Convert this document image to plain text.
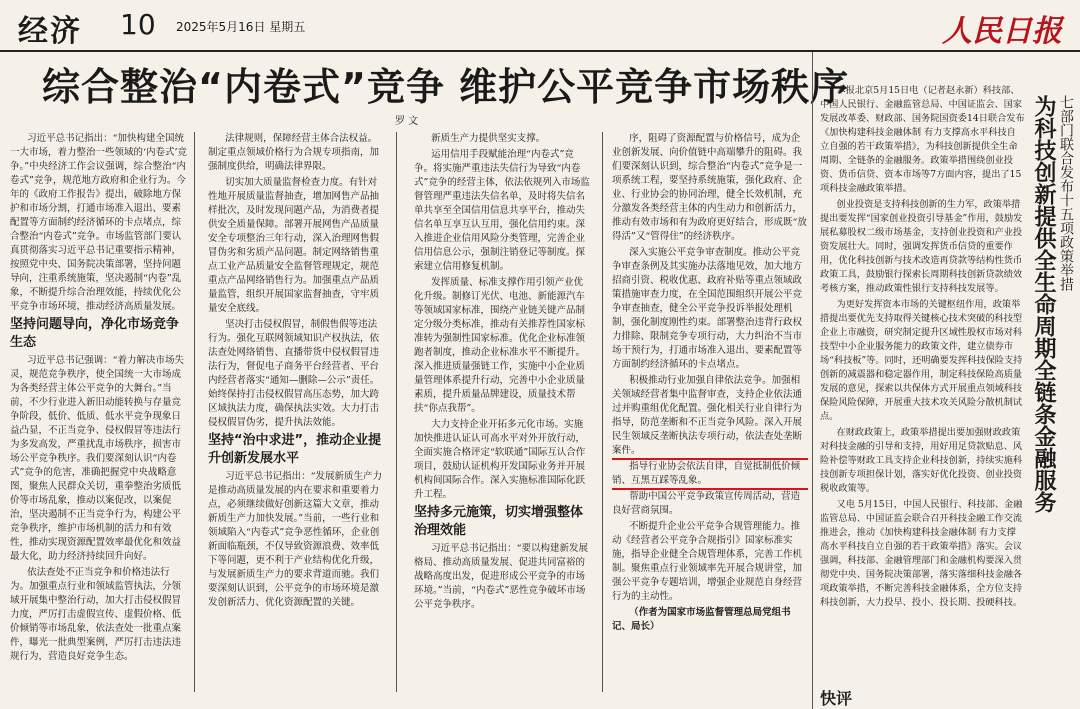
经济 10 2025年5月16日 星期五	人民日报
综合整治“内卷式”竞争 维护公平竞争市场秩序
罗 文

习近平总书记指出：“加快构建全国统一大市场，着力整治一些领域的‘内卷式’竞争。”中央经济工作会议强调，综合整治“内卷式”竞争，规范地方政府和企业行为。今年的《政府工作报告》提出，破除地方保护和市场分割，打通市场准入退出、要素配置等方面制约经济循环的卡点堵点，综合整治“内卷式”竞争。市场监管部门要认真贯彻落实习近平总书记重要指示精神，按照党中央、国务院决策部署，坚持问题导向，注重系统施策，坚决遏制“内卷”乱象，不断提升综合治理效能，持续优化公平竞争市场环境，推动经济高质量发展。

坚持问题导向，净化市场竞争生态

习近平总书记强调：“着力解决市场失灵，规范竞争秩序，使全国统一大市场成为各类经营主体公平竞争的大舞台。”当前，不少行业进入新旧动能转换与存量竞争阶段，低价、低质、低水平竞争现象日益凸显，不正当竞争、侵权假冒等违法行为多发高发，严重扰乱市场秩序，损害市场公平竞争秩序。我们要深刻认识“内卷式”竞争的危害，准确把握党中央战略意图，聚焦人民群众关切，重拳整治劣质低价等市场乱象，推动以案促改，以案促治，坚决遏制不正当竞争行为，构建公平竞争秩序，维护市场机制的活力和有效性，推动实现资源配置效率最优化和效益最大化，助力经济持续回升向好。

依法查处不正当竞争和价格违法行为。加强重点行业和领域监管执法，分领域开展集中整治行动，加大打击侵权假冒力度，严厉打击虚假宣传、虚假价格、低价倾销等市场乱象，依法查处一批重点案件，曝光一批典型案例，严厉打击违法违规行为，营造良好竞争生态。

法律规则，保障经营主体合法权益。制定重点领域价格行为合规专项指南，加强制度供给，明确法律界限。

切实加大质量监督检查力度。有针对性地开展质量监督抽查，增加网售产品抽样批次，及时发现问题产品，为消费者提供安全质量保障。部署开展网售产品质量安全专项整治三年行动，深入治理网售假冒伪劣和劣质产品问题。制定网络销售重点工业产品质量安全监督管理规定，规范重点产品网络销售行为。加强重点产品质量监管，组织开展国家监督抽查，守牢质量安全底线。

坚决打击侵权假冒，制假售假等违法行为。强化互联网领域知识产权执法，依法查处网络销售、直播带货中侵权假冒违法行为，督促电子商务平台经营者、平台内经营者落实“通知—删除—公示”责任。始终保持打击侵权假冒高压态势，加大跨区域执法力度，确保执法实效。大力打击侵权假冒伪劣，提升执法效能。

坚持“治中求进”，推动企业提升创新发展水平

习近平总书记指出：“发展新质生产力是推动高质量发展的内在要求和重要着力点，必须继续做好创新这篇大文章，推动新质生产力加快发展。”当前，一些行业和领域陷入“内卷式”竞争恶性循环，企业创新面临瓶颈，不仅导致资源浪费、效率低下等问题，更不利于产业结构优化升级，与发展新质生产力的要求背道而驰。我们要深刻认识到，公平竞争的市场环境是激发创新活力、优化资源配置的关键。

新质生产力提供坚实支撑。

运用信用手段赋能治理“内卷式”竞争。将实施严重违法失信行为导致“内卷式”竞争的经营主体，依法依规列入市场监督管理严重违法失信名单，及时将失信名单共享至全国信用信息共享平台，推动失信名单互享互认互用，强化信用约束。深入推进企业信用风险分类管理，完善企业信用信息公示，强制注销登记等制度。探索建立信用修复机制。

发挥质量、标准支撑作用引领产业优化升级。制修订光伏、电池、新能源汽车等领域国家标准，围绕产业链关键产品制定分级分类标准，推动有关推荐性国家标准转为强制性国家标准。优化企业标准领跑者制度，推动企业标准水平不断提升。深入推进质量强链工作，实施中小企业质量管理体系提升行动，完善中小企业质量素质，提升质量品牌建设，质量技术帮扶“你点我帮”。

大力支持企业开拓多元化市场。实施加快推进认证认可高水平对外开放行动，全面实施合格评定“软联通”国际互认合作项目，鼓励认证机构开发国际业务并开展机构间国际合作。深入实施标准国际化跃升工程。

坚持多元施策，切实增强整体治理效能

习近平总书记指出：“要以构建新发展格局、推动高质量发展、促进共同富裕的战略高度出发，促进形成公平竞争的市场环境。”当前，“内卷式”恶性竞争破坏市场公平竞争秩序。

序，阻碍了资源配置与价格信号，成为企业创新发展、向价值链中高端攀升的阻碍。我们要深刻认识到，综合整治“内卷式”竞争是一项系统工程，要坚持系统施策，强化政府、企业、行业协会的协同治理，健全长效机制，充分激发各类经营主体的内生动力和创新活力，推动有效市场和有为政府更好结合，形成既“放得活”又“管得住”的经济秩序。

深入实施公平竞争审查制度。推动公平竞争审查条例及其实施办法落地见效，加大地方招商引资、税收优惠、政府补贴等重点领域政策措施审查力度，在全国范围组织开展公平竞争审查抽查，健全公平竞争投诉举报处理机制，强化制度刚性约束。部署整治违背行政权力排除、限制竞争专项行动，大力纠治不当市场干预行为，打通市场准入退出、要素配置等方面制约经济循环的卡点堵点。

积极推动行业加强自律依法竞争。加强相关领域经营者集中监督审查，支持企业依法通过并购重组优化配置。强化相关行业自律行为指导，防范垄断和不正当竞争风险。深入开展民生领域反垄断执法专项行动，依法查处垄断案件。

指导行业协会依法自律，自觉抵制低价倾销、互黑互踩等乱象。

帮助中国公平竞争政策宣传周活动，营造良好营商氛围。

不断提升企业公平竞争合规管理能力。推动《经营者公平竞争合规指引》国家标准实施，指导企业健全合规管理体系，完善工作机制。聚焦重点行业领域率先开展合规讲堂，加强公平竞争专题培训，增强企业规范自身经营行为的主动性。

（作者为国家市场监督管理总局党组书记、局长）

本报北京5月15日电（记者赵永新）科技部、中国人民银行、金融监管总局、中国证监会、国家发展改革委、财政部、国务院国资委14日联合发布《加快构建科技金融体制 有力支撑高水平科技自立自强的若干政策举措》，为科技创新提供全生命周期、全链条的金融服务。政策举措围绕创业投资、货币信贷、资本市场等7方面内容，提出了15项科技金融政策举措。

创业投资是支持科技创新的生力军，政策举措提出要发挥“国家创业投资引导基金”作用，鼓励发展私募股权二级市场基金，支持创业投资和产业投资发展壮大。同时，强调发挥货币信贷的重要作用，优化科技创新与技术改造再贷款等结构性货币政策工具，鼓励银行探索长周期科技创新贷款绩效考核方案，推动政策性银行支持科技发展等。

为更好发挥资本市场的关键枢纽作用，政策举措提出要优先支持取得关键核心技术突破的科技型企业上市融资，研究制定提升区域性股权市场对科技型中小企业服务能力的政策文件，建立债券市场“科技板”等。同时，还明确要发挥科技保险支持创新的减震器和稳定器作用，制定科技保险高质量发展的意见，探索以共保体方式开展重点领域科技保险风险保障，开展重大技术攻关风险分散机制试点。

在财政政策上，政策举措提出要加强财政政策对科技金融的引导和支持，用好用足贷款贴息、风险补偿等财政工具支持企业科技创新，持续实施科技创新专项担保计划，落实好优化投资、创业投资税收政策等。

又电 5月15日，中国人民银行、科技部、金融监管总局、中国证监会联合召开科技金融工作交流推进会，推动《加快构建科技金融体制 有力支撑高水平科技自立自强的若干政策举措》落实。会议强调，科技部、金融管理部门和金融机构要深入贯彻党中央、国务院决策部署，落实落细科技金融各项政策举措，不断完善科技金融体系，全方位支持科技创新，大力投早、投小、投长期、投硬科技。

七部门联合发布十五项政策举措
为科技创新提供全生命周期全链条金融服务
快评
